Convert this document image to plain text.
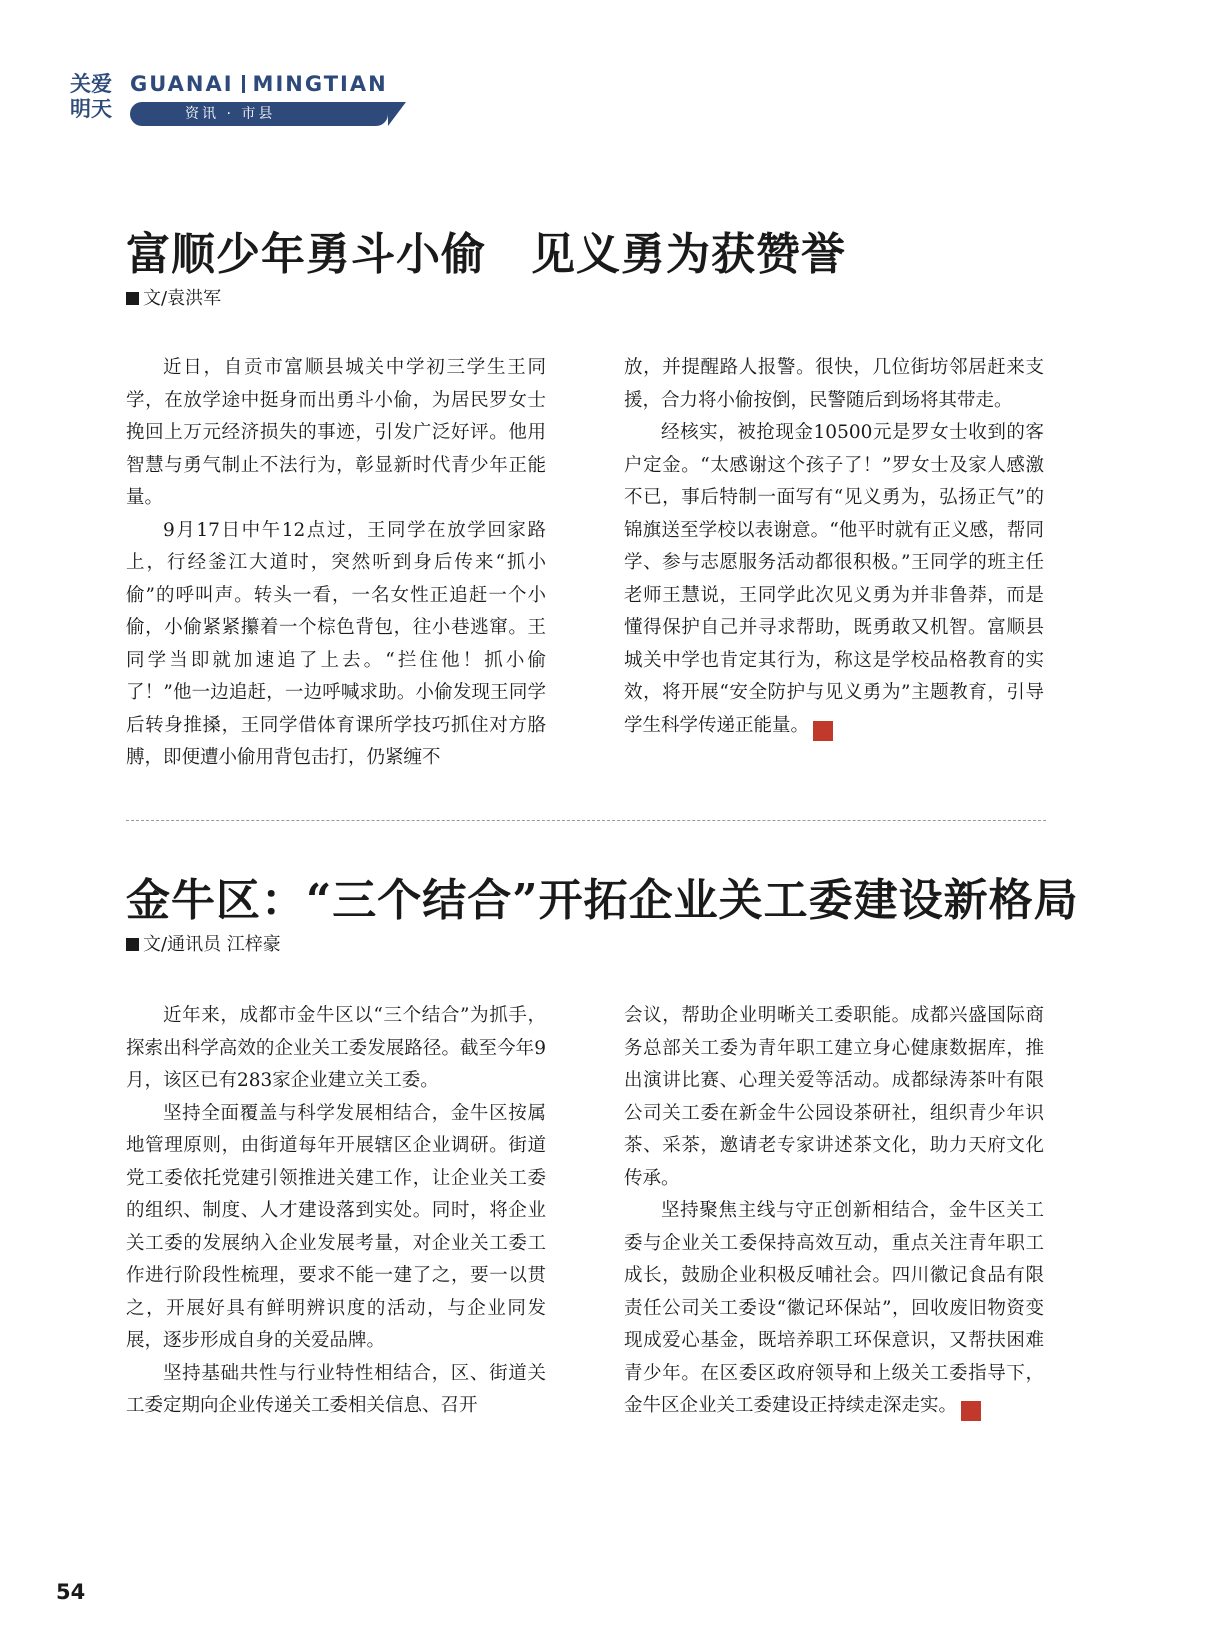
关爱
明天
GUANAI MINGTIAN
资讯 · 市县
富顺少年勇斗小偷　见义勇为获赞誉
文/袁洪军

近日，自贡市富顺县城关中学初三学生王同学，在放学途中挺身而出勇斗小偷，为居民罗女士挽回上万元经济损失的事迹，引发广泛好评。他用智慧与勇气制止不法行为，彰显新时代青少年正能量。

9月17日中午12点过，王同学在放学回家路上，行经釜江大道时，突然听到身后传来“抓小偷”的呼叫声。转头一看，一名女性正追赶一个小偷，小偷紧紧攥着一个棕色背包，往小巷逃窜。王同学当即就加速追了上去。“拦住他！抓小偷了！”他一边追赶，一边呼喊求助。小偷发现王同学后转身推搡，王同学借体育课所学技巧抓住对方胳膊，即便遭小偷用背包击打，仍紧缠不

放，并提醒路人报警。很快，几位街坊邻居赶来支援，合力将小偷按倒，民警随后到场将其带走。

经核实，被抢现金10500元是罗女士收到的客户定金。“太感谢这个孩子了！”罗女士及家人感激不已，事后特制一面写有“见义勇为，弘扬正气”的锦旗送至学校以表谢意。“他平时就有正义感，帮同学、参与志愿服务活动都很积极。”王同学的班主任老师王慧说，王同学此次见义勇为并非鲁莽，而是懂得保护自己并寻求帮助，既勇敢又机智。富顺县城关中学也肯定其行为，称这是学校品格教育的实效，将开展“安全防护与见义勇为”主题教育，引导学生科学传递正能量。	关

金牛区：“三个结合”开拓企业关工委建设新格局
文/通讯员 江梓豪

近年来，成都市金牛区以“三个结合”为抓手，探索出科学高效的企业关工委发展路径。截至今年9月，该区已有283家企业建立关工委。

坚持全面覆盖与科学发展相结合，金牛区按属地管理原则，由街道每年开展辖区企业调研。街道党工委依托党建引领推进关建工作，让企业关工委的组织、制度、人才建设落到实处。同时，将企业关工委的发展纳入企业发展考量，对企业关工委工作进行阶段性梳理，要求不能一建了之，要一以贯之，开展好具有鲜明辨识度的活动，与企业同发展，逐步形成自身的关爱品牌。

坚持基础共性与行业特性相结合，区、街道关工委定期向企业传递关工委相关信息、召开

会议，帮助企业明晰关工委职能。成都兴盛国际商务总部关工委为青年职工建立身心健康数据库，推出演讲比赛、心理关爱等活动。成都绿涛茶叶有限公司关工委在新金牛公园设茶研社，组织青少年识茶、采茶，邀请老专家讲述茶文化，助力天府文化传承。

坚持聚焦主线与守正创新相结合，金牛区关工委与企业关工委保持高效互动，重点关注青年职工成长，鼓励企业积极反哺社会。四川徽记食品有限责任公司关工委设“徽记环保站”，回收废旧物资变现成爱心基金，既培养职工环保意识，又帮扶困难青少年。在区委区政府领导和上级关工委指导下，金牛区企业关工委建设正持续走深走实。	关

54
